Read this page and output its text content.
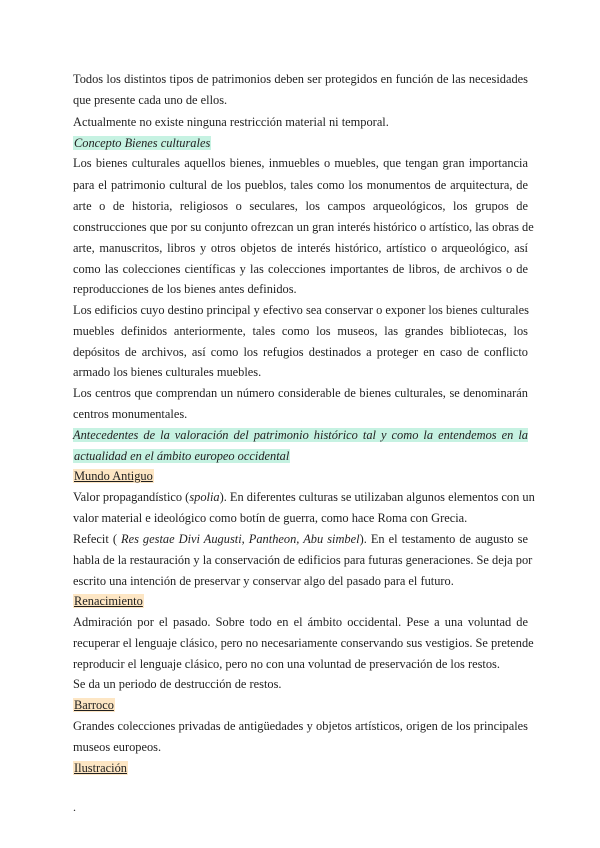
Todos los distintos tipos de patrimonios deben ser protegidos en función de las necesidades
que presente cada uno de ellos.
Actualmente no existe ninguna restricción material ni temporal.
Concepto Bienes culturales
Los bienes culturales aquellos bienes, inmuebles o muebles, que tengan gran importancia
para el patrimonio cultural de los pueblos, tales como los monumentos de arquitectura, de
arte o de historia, religiosos o seculares, los campos arqueológicos, los grupos de
construcciones que por su conjunto ofrezcan un gran interés histórico o artístico, las obras de
arte, manuscritos, libros y otros objetos de interés histórico, artístico o arqueológico, así
como las colecciones científicas y las colecciones importantes de libros, de archivos o de
reproducciones de los bienes antes definidos.
Los edificios cuyo destino principal y efectivo sea conservar o exponer los bienes culturales
muebles definidos anteriormente, tales como los museos, las grandes bibliotecas, los
depósitos de archivos, así como los refugios destinados a proteger en caso de conflicto
armado los bienes culturales muebles.
Los centros que comprendan un número considerable de bienes culturales, se denominarán
centros monumentales.
Antecedentes de la valoración del patrimonio histórico tal y como la entendemos en la
actualidad en el ámbito europeo occidental
Mundo Antiguo
Valor propagandístico (spolia). En diferentes culturas se utilizaban algunos elementos con un
valor material e ideológico como botín de guerra, como hace Roma con Grecia.
Refecit ( Res gestae Divi Augusti, Pantheon, Abu simbel). En el testamento de augusto se
habla de la restauración y la conservación de edificios para futuras generaciones. Se deja por
escrito una intención de preservar y conservar algo del pasado para el futuro.
Renacimiento
Admiración por el pasado. Sobre todo en el ámbito occidental. Pese a una voluntad de
recuperar el lenguaje clásico, pero no necesariamente conservando sus vestigios. Se pretende
reproducir el lenguaje clásico, pero no con una voluntad de preservación de los restos.
Se da un periodo de destrucción de restos.
Barroco
Grandes colecciones privadas de antigüedades y objetos artísticos, origen de los principales
museos europeos.
Ilustración
.
